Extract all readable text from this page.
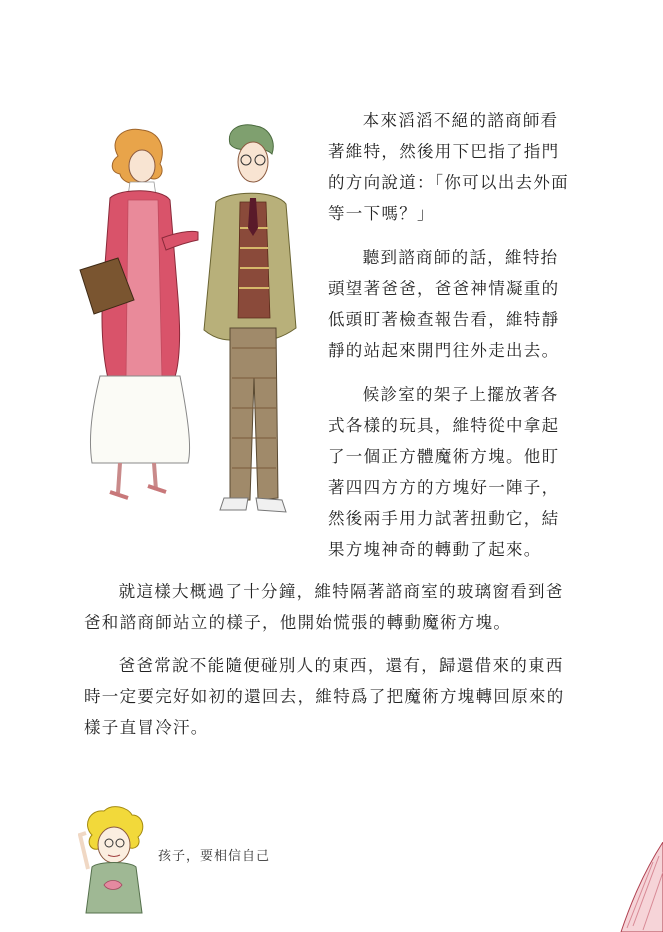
本來滔滔不絕的諮商師看著維特，然後用下巴指了指門的方向說道：「你可以出去外面等一下嗎？」

聽到諮商師的話，維特抬頭望著爸爸，爸爸神情凝重的低頭盯著檢查報告看，維特靜靜的站起來開門往外走出去。

候診室的架子上擺放著各式各樣的玩具，維特從中拿起了一個正方體魔術方塊。他盯著四四方方的方塊好一陣子，然後兩手用力試著扭動它，結果方塊神奇的轉動了起來。

就這樣大概過了十分鐘，維特隔著諮商室的玻璃窗看到爸爸和諮商師站立的樣子，他開始慌張的轉動魔術方塊。

爸爸常說不能隨便碰別人的東西，還有，歸還借來的東西時一定要完好如初的還回去，維特爲了把魔術方塊轉回原來的樣子直冒冷汗。

孩子，要相信自己
